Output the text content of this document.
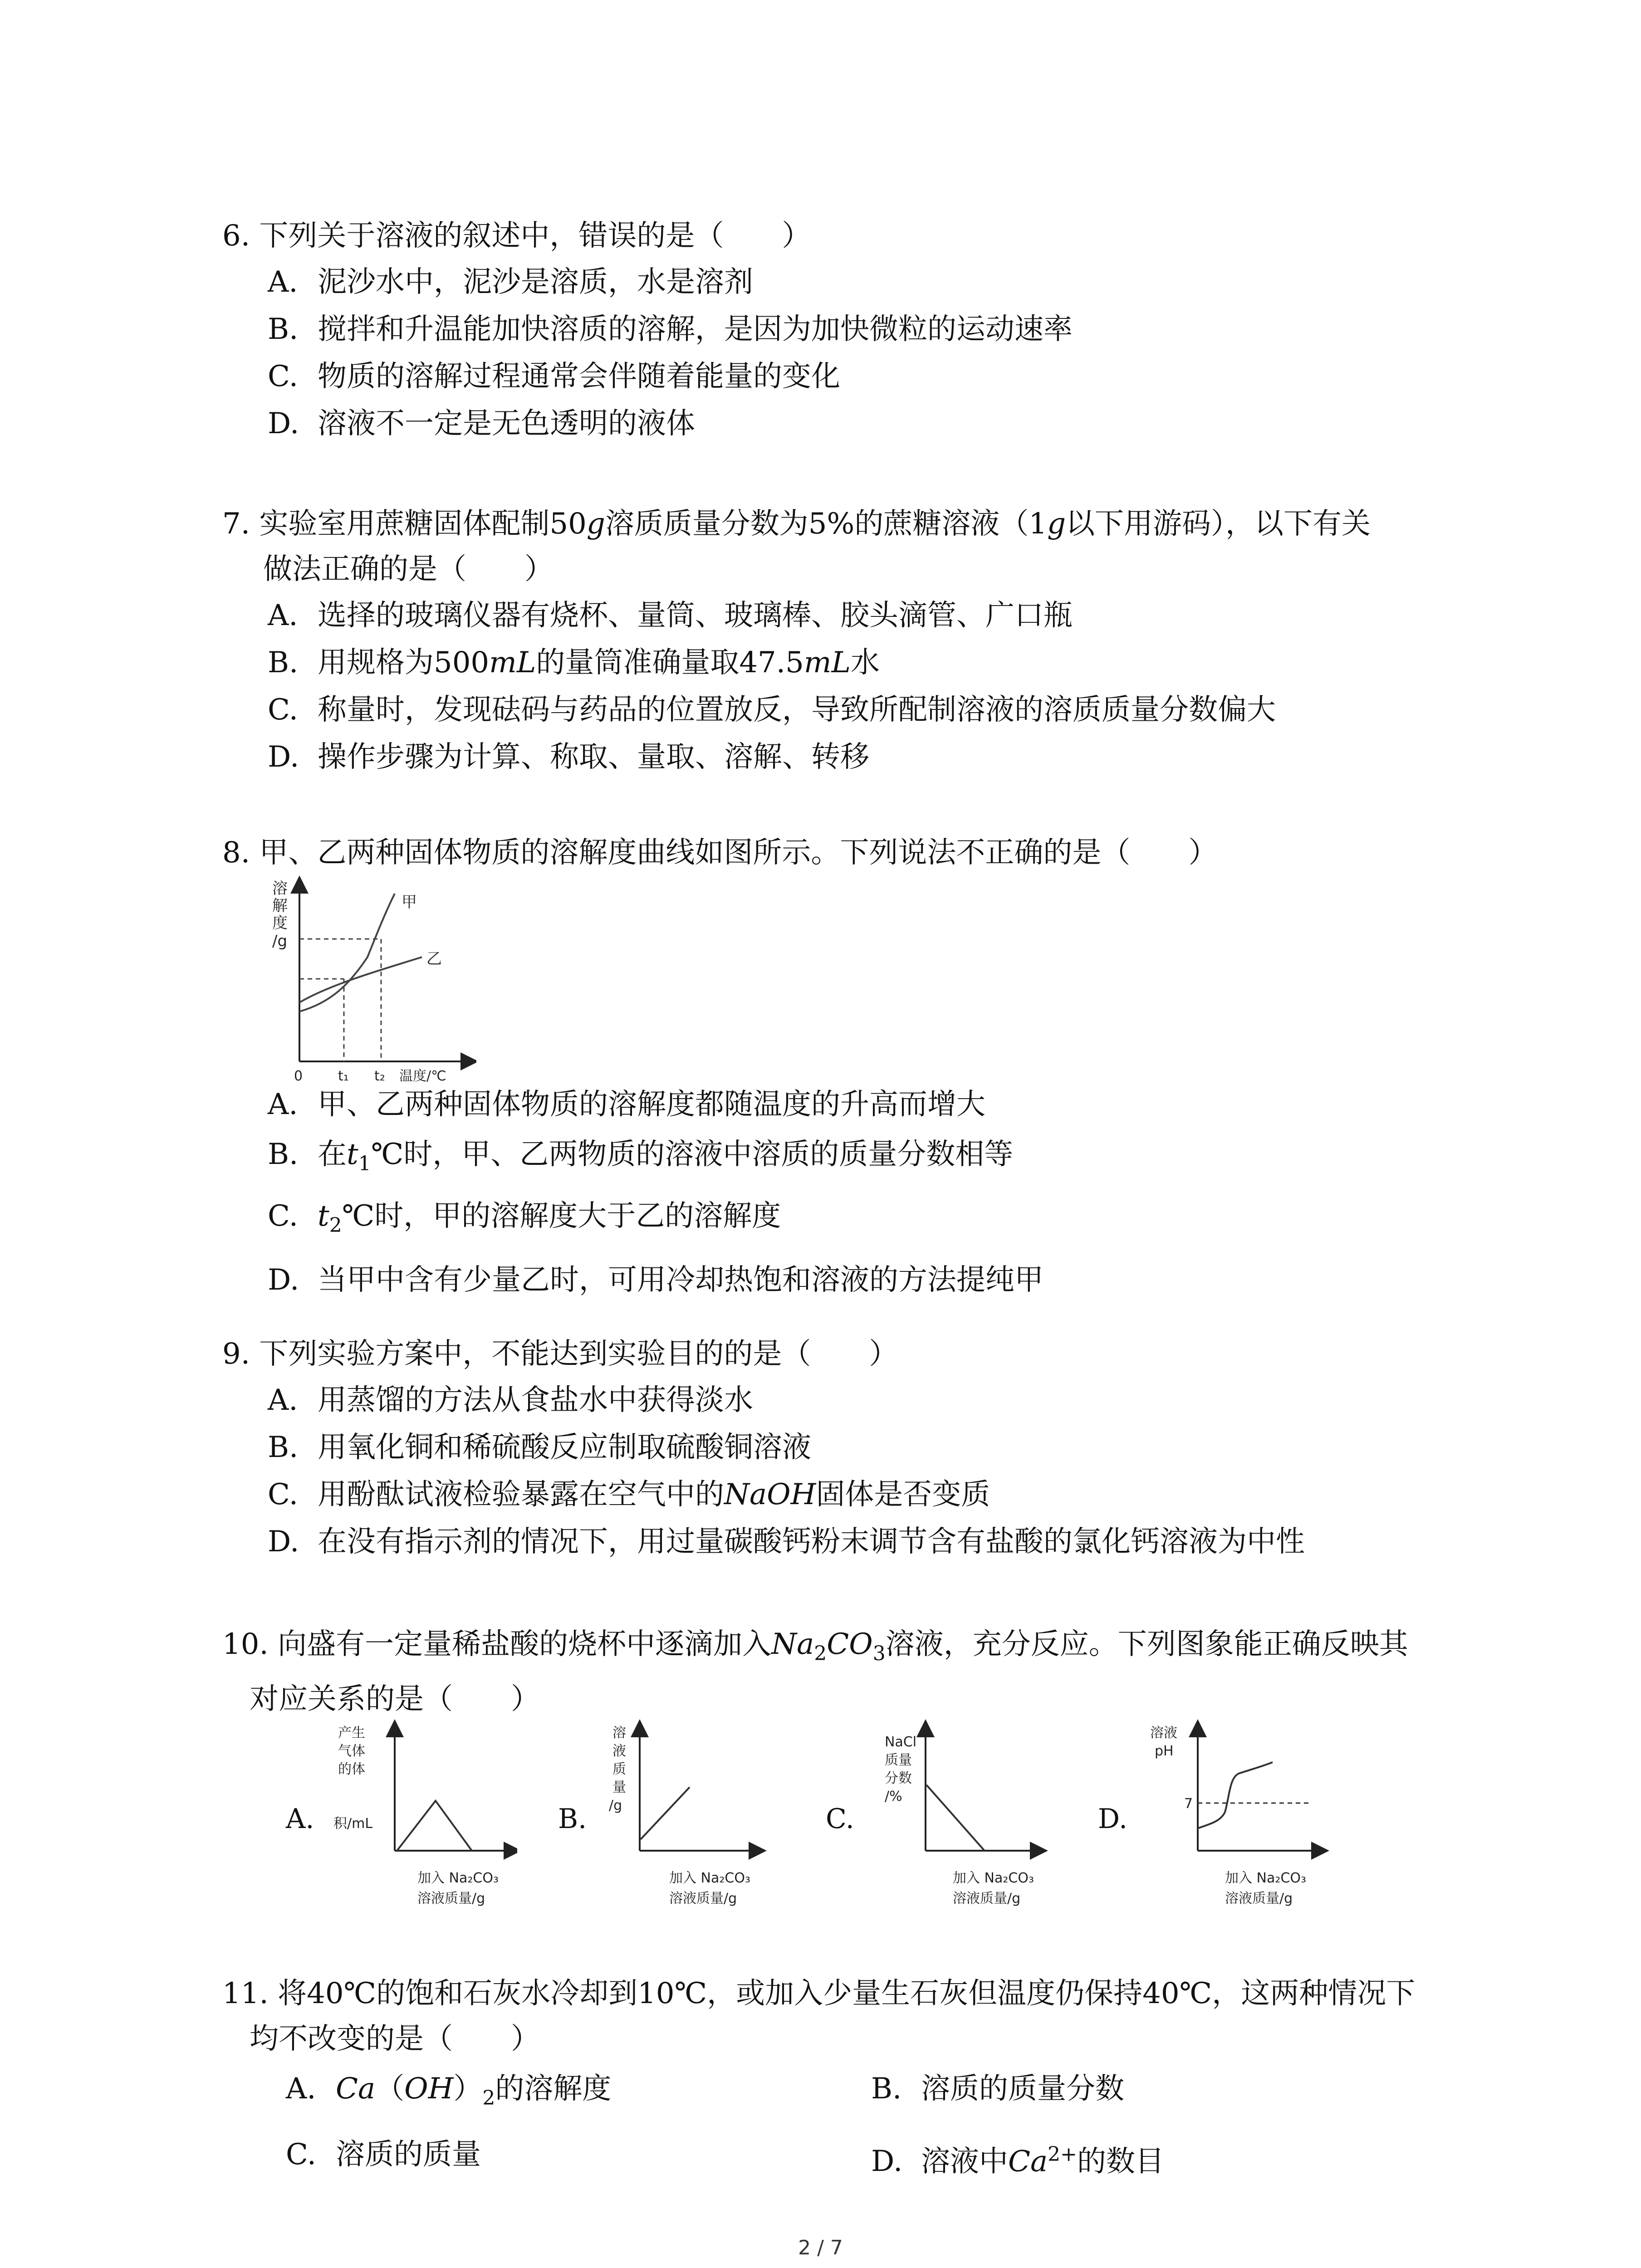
6. 下列关于溶液的叙述中，错误的是（　　）
A. 泥沙水中，泥沙是溶质，水是溶剂
B. 搅拌和升温能加快溶质的溶解，是因为加快微粒的运动速率
C. 物质的溶解过程通常会伴随着能量的变化
D. 溶液不一定是无色透明的液体
7. 实验室用蔗糖固体配制50g溶质质量分数为5%的蔗糖溶液（1g以下用游码），以下有关
做法正确的是（　　）
A. 选择的玻璃仪器有烧杯、量筒、玻璃棒、胶头滴管、广口瓶
B. 用规格为500mL的量筒准确量取47.5mL水
C. 称量时，发现砝码与药品的位置放反，导致所配制溶液的溶质质量分数偏大
D. 操作步骤为计算、称取、量取、溶解、转移
8. 甲、乙两种固体物质的溶解度曲线如图所示。下列说法不正确的是（　　）
溶
解
度
/g
甲
乙
0	t₁ t₂ 温度/℃
A. 甲、乙两种固体物质的溶解度都随温度的升高而增大
B. 在$t_1℃$时，甲、乙两物质的溶液中溶质的质量分数相等
C. $t_2℃$时，甲的溶解度大于乙的溶解度
D. 当甲中含有少量乙时，可用冷却热饱和溶液的方法提纯甲
9. 下列实验方案中，不能达到实验目的的是（　　）
A. 用蒸馏的方法从食盐水中获得淡水
B. 用氧化铜和稀硫酸反应制取硫酸铜溶液
C. 用酚酞试液检验暴露在空气中的NaOH固体是否变质
D. 在没有指示剂的情况下，用过量碳酸钙粉末调节含有盐酸的氯化钙溶液为中性
10. 向盛有一定量稀盐酸的烧杯中逐滴加入$Na_2CO_3$溶液，充分反应。下列图象能正确反映其
对应关系的是（　　）
A.
产生
气体
的体
积/mL
加入 Na₂CO₃
溶液质量/g
B.
溶
液
质
量
/g
加入 Na₂CO₃
溶液质量/g
C.
NaCl
质量
分数
/%
加入 Na₂CO₃
溶液质量/g
D.
溶液
pH
7
加入 Na₂CO₃
溶液质量/g
11. 将40℃的饱和石灰水冷却到10℃，或加入少量生石灰但温度仍保持40℃，这两种情况下
均不改变的是（　　）
A. $Ca(OH)_2$的溶解度	B. 溶质的质量分数
C. 溶质的质量	D. 溶液中$Ca^{2+}$的数目
2 / 7
